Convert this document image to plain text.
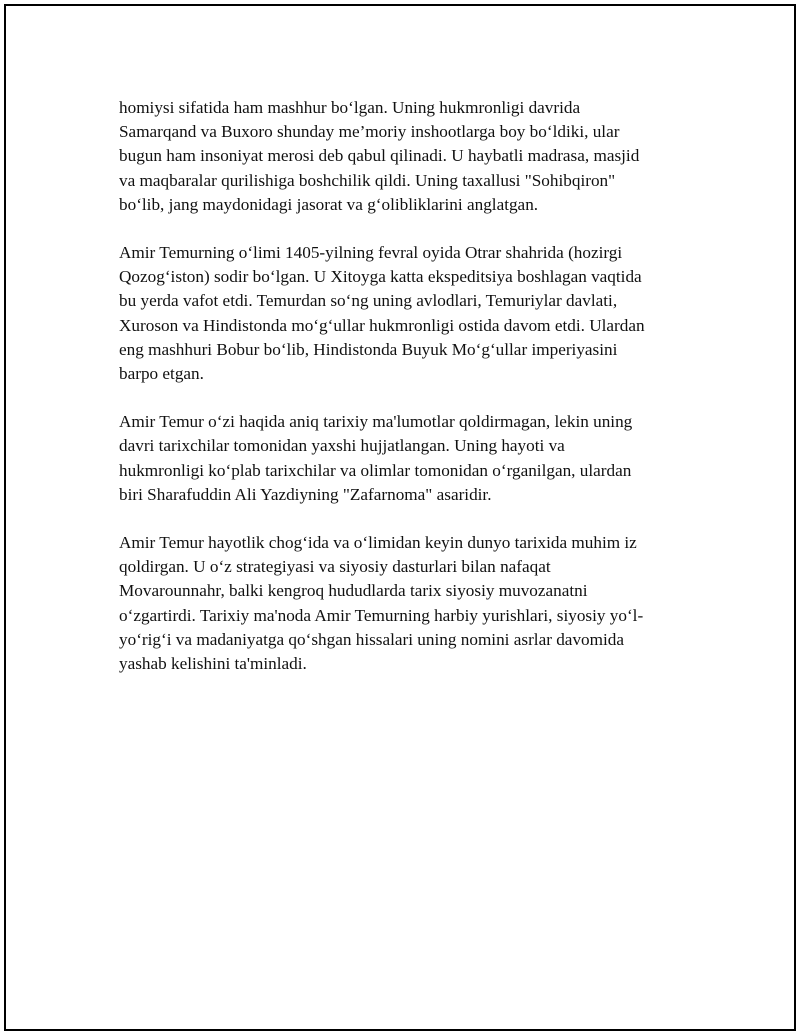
homiysi sifatida ham mashhur bo‘lgan. Uning hukmronligi davrida
Samarqand va Buxoro shunday me’moriy inshootlarga boy bo‘ldiki, ular
bugun ham insoniyat merosi deb qabul qilinadi. U haybatli madrasa, masjid
va maqbaralar qurilishiga boshchilik qildi. Uning taxallusi "Sohibqiron"
bo‘lib, jang maydonidagi jasorat va g‘olibliklarini anglatgan.

Amir Temurning o‘limi 1405-yilning fevral oyida Otrar shahrida (hozirgi
Qozog‘iston) sodir bo‘lgan. U Xitoyga katta ekspeditsiya boshlagan vaqtida
bu yerda vafot etdi. Temurdan so‘ng uning avlodlari, Temuriylar davlati,
Xuroson va Hindistonda mo‘g‘ullar hukmronligi ostida davom etdi. Ulardan
eng mashhuri Bobur bo‘lib, Hindistonda Buyuk Mo‘g‘ullar imperiyasini
barpo etgan.

Amir Temur o‘zi haqida aniq tarixiy ma'lumotlar qoldirmagan, lekin uning
davri tarixchilar tomonidan yaxshi hujjatlangan. Uning hayoti va
hukmronligi ko‘plab tarixchilar va olimlar tomonidan o‘rganilgan, ulardan
biri Sharafuddin Ali Yazdiyning "Zafarnoma" asaridir.

Amir Temur hayotlik chog‘ida va o‘limidan keyin dunyo tarixida muhim iz
qoldirgan. U o‘z strategiyasi va siyosiy dasturlari bilan nafaqat
Movarounnahr, balki kengroq hududlarda tarix siyosiy muvozanatni
o‘zgartirdi. Tarixiy ma'noda Amir Temurning harbiy yurishlari, siyosiy yo‘l-
yo‘rig‘i va madaniyatga qo‘shgan hissalari uning nomini asrlar davomida
yashab kelishini ta'minladi.
